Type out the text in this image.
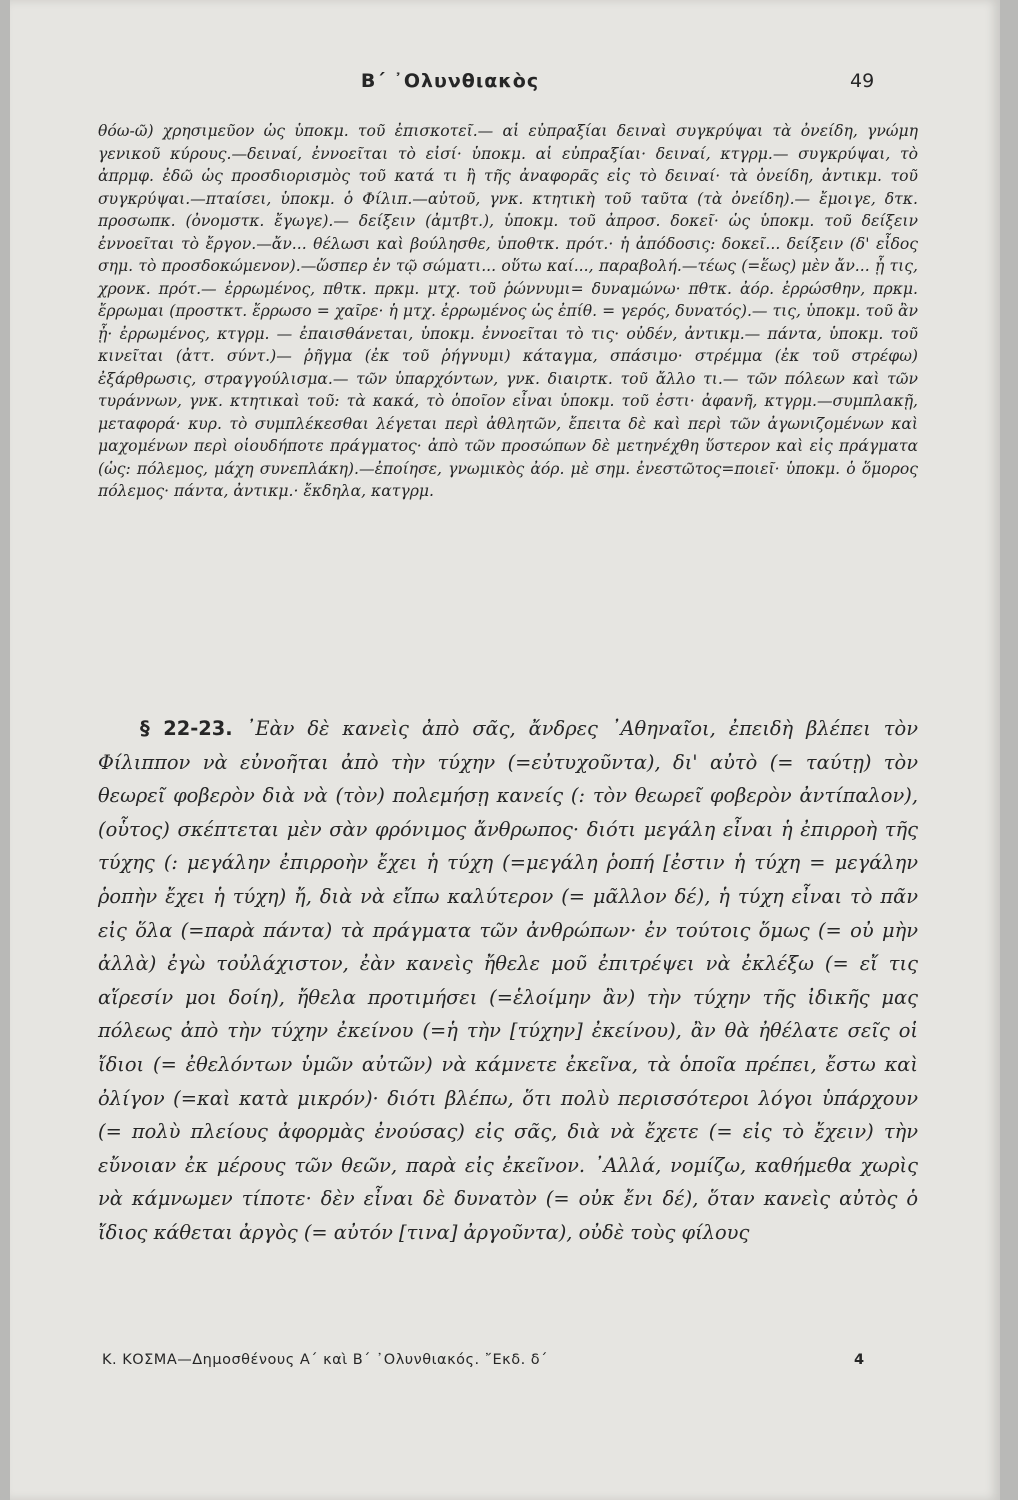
Β΄ ᾿Ολυνθιακὸς	49

θόω-ῶ) χρησιμεῦον ὡς ὑποκμ. τοῦ ἐπισκοτεῖ.— αἱ εὐπραξίαι δειναὶ συγκρύψαι τὰ ὀνείδη, γνώμη γενικοῦ κύρους.—δειναί, ἐννοεῖται τὸ εἰσί· ὑποκμ. αἱ εὐπραξίαι· δειναί, κτγρμ.— συγκρύψαι, τὸ ἀπρμφ. ἐδῶ ὡς προσδιορισμὸς τοῦ κατά τι ἢ τῆς ἀναφορᾶς εἰς τὸ δειναί· τὰ ὀνείδη, ἀντικμ. τοῦ συγκρύψαι.—πταίσει, ὑποκμ. ὁ Φίλιπ.—αὐτοῦ, γνκ. κτητικὴ τοῦ ταῦτα (τὰ ὀνείδη).— ἔμοιγε, δτκ. προσωπκ. (ὀνομστκ. ἔγωγε).— δείξειν (ἀμτβτ.), ὑποκμ. τοῦ ἀπροσ. δοκεῖ· ὡς ὑποκμ. τοῦ δείξειν ἐννοεῖται τὸ ἔργον.—ἄν... θέλωσι καὶ βούλησθε, ὑποθτκ. πρότ.· ἡ ἀπόδοσις: δοκεῖ... δείξειν (δ' εἶδος σημ. τὸ προσδοκώμενον).—ὥσπερ ἐν τῷ σώματι... οὕτω καί..., παραβολή.—τέως (=ἕως) μὲν ἄν... ᾖ τις, χρονκ. πρότ.— ἐρρωμένος, πθτκ. πρκμ. μτχ. τοῦ ῥώννυμι= δυναμώνω· πθτκ. ἀόρ. ἐρρώσθην, πρκμ. ἔρρωμαι (προστκτ. ἔρρωσο = χαῖρε· ἡ μτχ. ἐρρωμένος ὡς ἐπίθ. = γερός, δυνατός).— τις, ὑποκμ. τοῦ ἂν ᾖ· ἐρρωμένος, κτγρμ. — ἐπαισθάνεται, ὑποκμ. ἐννοεῖται τὸ τις· οὐδέν, ἀντικμ.— πάντα, ὑποκμ. τοῦ κινεῖται (ἀττ. σύντ.)— ῥῆγμα (ἐκ τοῦ ῥήγνυμι) κάταγμα, σπάσιμο· στρέμμα (ἐκ τοῦ στρέφω) ἐξάρθρωσις, στραγγούλισμα.— τῶν ὑπαρχόντων, γνκ. διαιρτκ. τοῦ ἄλλο τι.— τῶν πόλεων καὶ τῶν τυράννων, γνκ. κτητικαὶ τοῦ: τὰ κακά, τὸ ὁποῖον εἶναι ὑποκμ. τοῦ ἐστι· ἀφανῆ, κτγρμ.—συμπλακῇ, μεταφορά· κυρ. τὸ συμπλέκεσθαι λέγεται περὶ ἀθλητῶν, ἔπειτα δὲ καὶ περὶ τῶν ἀγωνιζομένων καὶ μαχομένων περὶ οἱουδήποτε πράγματος· ἀπὸ τῶν προσώπων δὲ μετηνέχθη ὕστερον καὶ εἰς πράγματα (ὡς: πόλεμος, μάχη συνεπλάκη).—ἐποίησε, γνωμικὸς ἀόρ. μὲ σημ. ἐνεστῶτος=ποιεῖ· ὑποκμ. ὁ ὅμορος πόλεμος· πάντα, ἀντικμ.· ἔκδηλα, κατγρμ.

§ 22-23. ᾿Εὰν δὲ κανεὶς ἀπὸ σᾶς, ἄνδρες ᾿Αθηναῖοι, ἐπειδὴ βλέπει τὸν Φίλιππον νὰ εὐνοῆται ἀπὸ τὴν τύχην (=εὐτυχοῦντα), δι' αὐτὸ (= ταύτῃ) τὸν θεωρεῖ φοβερὸν διὰ νὰ (τὸν) πολεμήσῃ κανείς (: τὸν θεωρεῖ φοβερὸν ἀντίπαλον), (οὗτος) σκέπτεται μὲν σὰν φρόνιμος ἄνθρωπος· διότι μεγάλη εἶναι ἡ ἐπιρροὴ τῆς τύχης (: μεγάλην ἐπιρροὴν ἔχει ἡ τύχη (=μεγάλη ῥοπή [ἐστιν ἡ τύχη = μεγάλην ῥοπὴν ἔχει ἡ τύχη) ἤ, διὰ νὰ εἴπω καλύτερον (= μᾶλλον δέ), ἡ τύχη εἶναι τὸ πᾶν εἰς ὅλα (=παρὰ πάντα) τὰ πράγματα τῶν ἀνθρώπων· ἐν τούτοις ὅμως (= οὐ μὴν ἀλλὰ) ἐγὼ τοὐλάχιστον, ἐὰν κανεὶς ἤθελε μοῦ ἐπιτρέψει νὰ ἐκλέξω (= εἴ τις αἵρεσίν μοι δοίη), ἤθελα προτιμήσει (=ἑλοίμην ἂν) τὴν τύχην τῆς ἰδικῆς μας πόλεως ἀπὸ τὴν τύχην ἐκείνου (=ἡ τὴν [τύχην] ἐκείνου), ἂν θὰ ἠθέλατε σεῖς οἱ ἴδιοι (= ἐθελόντων ὑμῶν αὐτῶν) νὰ κάμνετε ἐκεῖνα, τὰ ὁποῖα πρέπει, ἔστω καὶ ὀλίγον (=καὶ κατὰ μικρόν)· διότι βλέπω, ὅτι πολὺ περισσότεροι λόγοι ὑπάρχουν (= πολὺ πλείους ἀφορμὰς ἐνούσας) εἰς σᾶς, διὰ νὰ ἔχετε (= εἰς τὸ ἔχειν) τὴν εὔνοιαν ἐκ μέρους τῶν θεῶν, παρὰ εἰς ἐκεῖνον. ᾿Αλλά, νομίζω, καθήμεθα χωρὶς νὰ κάμνωμεν τίποτε· δὲν εἶναι δὲ δυνατὸν (= οὐκ ἔνι δέ), ὅταν κανεὶς αὐτὸς ὁ ἴδιος κάθεται ἀργὸς (= αὐτόν [τινα] ἀργοῦντα), οὐδὲ τοὺς φίλους

Κ. ΚΟΣΜΑ—Δημοσθένους Α΄ καὶ Β΄ ᾿Ολυνθιακός. ῎Εκδ. δ΄	4
